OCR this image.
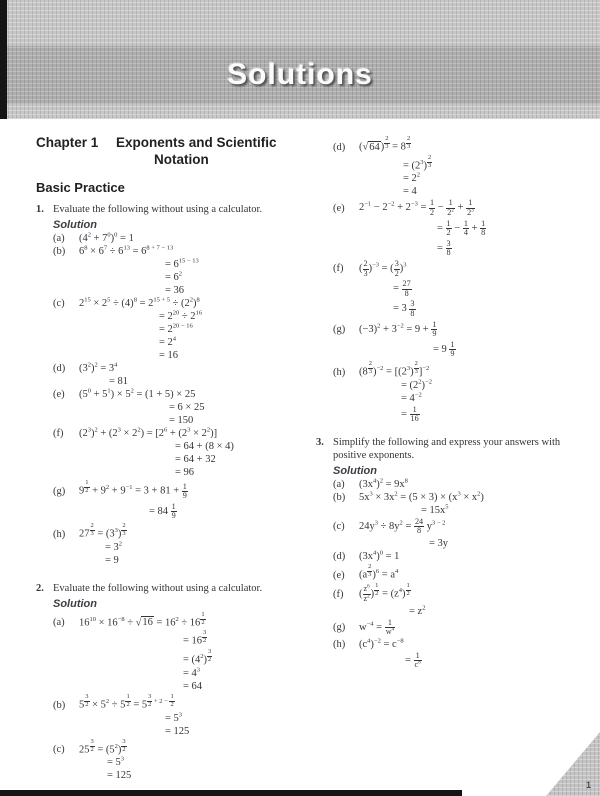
Solutions
Chapter 1	Exponents and Scientific
Notation
Basic Practice
1. Evaluate the following without using a calculator.
Solution
(a)	$(4^2 + 7^0)^0 = 1$
(b)	$6^8 \times 6^7 \div 6^{13} = 6^{8 + 7 - 13}$
= $6^{15 - 13}$
= $6^2$
= 36
(c)	$2^{15} \times 2^5 \div (4)^8 = 2^{15 + 5} \div (2^2)^8$
= $2^{20} \div 2^{16}$
= $2^{20 - 16}$
= $2^4$
= 16
(d)	$(3^2)^2 = 3^4$
= 81
(e)	$(5^0 + 5^1) \times 5^2 = (1 + 5) \times 25$
= 6 × 25
= 150
(f)	$(2^3)^2 + (2^3 \times 2^2) = [2^6 + (2^3 \times 2^2)]$
= 64 + (8 × 4)
= 64 + 32
= 96
(g)	9 $^{\frac{1}{2}} + 9^2 + 9^{-1} = 3 + 81 + \frac{1}{9}$
= $84 \frac{1}{9}$
(h)	27 $^{\frac{2}{3}} = (3^3)$ $^{\frac{2}{3}}$
= $3^2$
= 9
2. Evaluate the following without using a calculator.
Solution
(a)	$16^{10} \times 16^{-8} \div √16 = 16^2 \div 16$ $^{\frac{1}{2}}$
= 16 $^{\frac{3}{2}}$
= $(4^2)$ $^{\frac{3}{2}}$
= $4^3$
= 64
(b)	5 $^{\frac{3}{2}} \times 5^2 \div 5$ $^{\frac{1}{2}}$ = 5 $^{\frac{3}{2} + 2 - \frac{1}{2}}$
= $5^3$
= 125
(c)	25 $^{\frac{3}{2}} = (5^2)$ $^{\frac{3}{2}}$
= $5^3$
= 125
(d)	(√64) $^{\frac{2}{3}}$ = 8 $^{\frac{2}{3}}$
= $(2^3)$ $^{\frac{2}{3}}$
= $2^2$
= 4
(e)	$2^{-1} - 2^{-2} + 2^{-3} = \frac{1}{2} - \frac{1}{2^2} + \frac{1}{2^3}$
= $\frac{1}{2} - \frac{1}{4} + \frac{1}{8}$
= $\frac{3}{8}$
(f)	( $\frac{2}{3} )^{-3}$ = ( $\frac{3}{2} )^3$
= $\frac{27}{8}$
= $3 \frac{3}{8}$
(g)	$(-3)^2 + 3^{-2} = 9 + \frac{1}{9}$
= $9 \frac{1}{9}$
(h)	(8 $^{\frac{2}{3}}$ )$^{-2} = [(2^3)$ $^{\frac{2}{3}}$ ]$^{-2}$
= $(2^2)^{-2}$
= $4^{-2}$
= $\frac{1}{16}$
3. Simplify the following and express your answers with positive exponents.
Solution
(a)	$(3x^4)^2 = 9x^8$
(b)	$5x^3 \times 3x^2 = (5 \times 3) \times (x^3 \times x^2)$
= $15x^5$
(c)	$24y^3 \div 8y^2 = \frac{24}{8} y^{3 - 2}$
= 3y
(d)	$(3x^4)^0 = 1$
(e)	(a $^{\frac{2}{3}}$ )$^6 = a^4$
(f)	( $\frac{z^6}{z^2}$ ) $^{\frac{1}{2}} = (z^4)$ $^{\frac{1}{2}}$
= $z^2$
(g)	$w^{-4} = \frac{1}{w^4}$
(h)	$(c^4)^{-2} = c^{-8}$
= $\frac{1}{c^8}$
1
